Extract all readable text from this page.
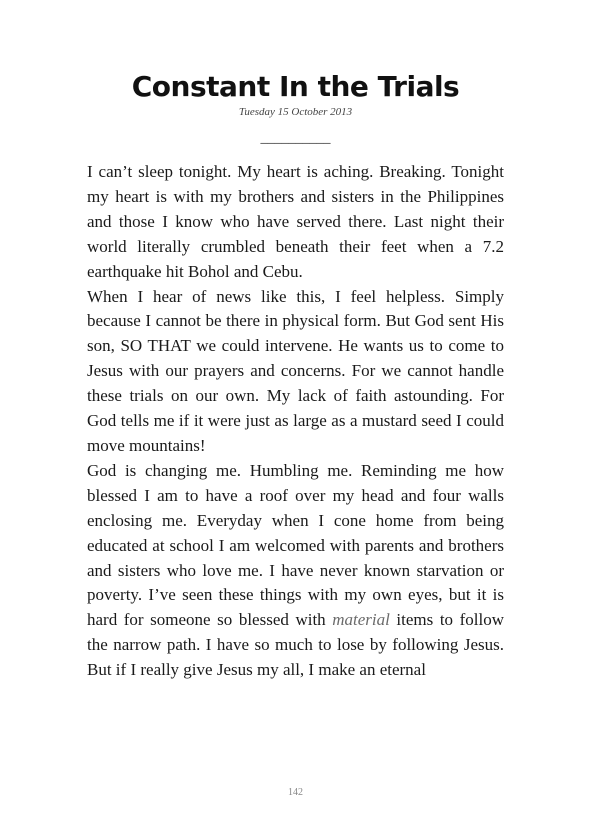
Constant In the Trials
Tuesday 15 October 2013
__________

I can’t sleep tonight. My heart is aching. Breaking. Tonight my heart is with my brothers and sisters in the Philippines and those I know who have served there. Last night their world literally crumbled beneath their feet when a 7.2 earthquake hit Bohol and Cebu.

When I hear of news like this, I feel helpless. Simply because I cannot be there in physical form. But God sent His son, SO THAT we could intervene. He wants us to come to Jesus with our prayers and concerns. For we cannot handle these trials on our own. My lack of faith astounding. For God tells me if it were just as large as a mustard seed I could move mountains!

God is changing me. Humbling me. Reminding me how blessed I am to have a roof over my head and four walls enclosing me. Everyday when I cone home from being educated at school I am welcomed with parents and brothers and sisters who love me. I have never known starvation or poverty. I’ve seen these things with my own eyes, but it is hard for someone so blessed with material items to follow the narrow path. I have so much to lose by following Jesus. But if I really give Jesus my all, I make an eternal

142
